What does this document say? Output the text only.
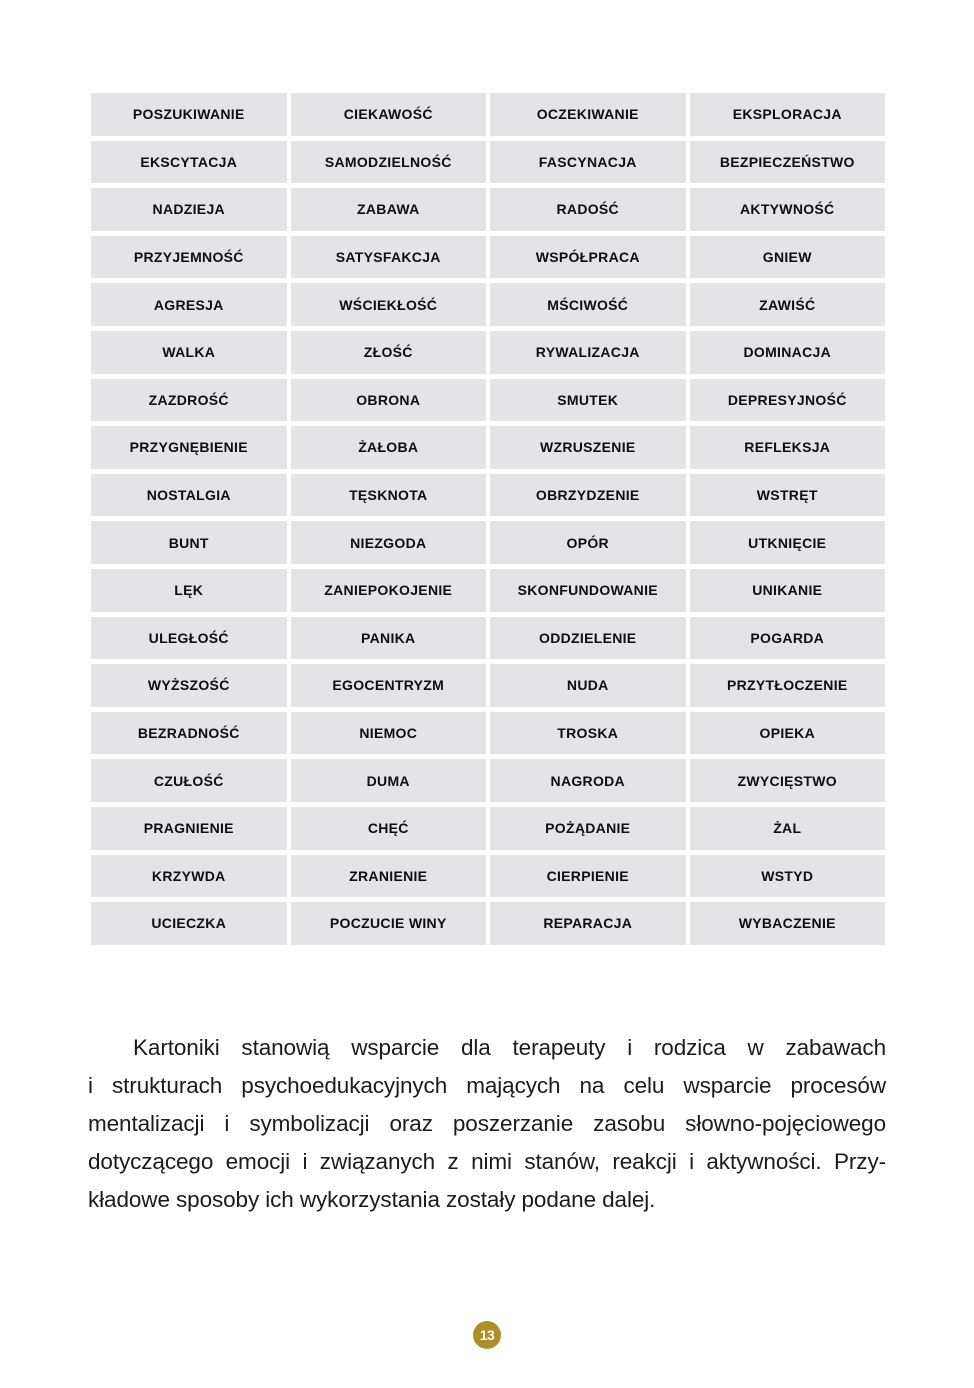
POSZUKIWANIE	CIEKAWOŚĆ	OCZEKIWANIE	EKSPLORACJA
EKSCYTACJA	SAMODZIELNOŚĆ	FASCYNACJA	BEZPIECZEŃSTWO
NADZIEJA	ZABAWA	RADOŚĆ	AKTYWNOŚĆ
PRZYJEMNOŚĆ	SATYSFAKCJA	WSPÓŁPRACA	GNIEW
AGRESJA	WŚCIEKŁOŚĆ	MŚCIWOŚĆ	ZAWIŚĆ
WALKA	ZŁOŚĆ	RYWALIZACJA	DOMINACJA
ZAZDROŚĆ	OBRONA	SMUTEK	DEPRESYJNOŚĆ
PRZYGNĘBIENIE	ŻAŁOBA	WZRUSZENIE	REFLEKSJA
NOSTALGIA	TĘSKNOTA	OBRZYDZENIE	WSTRĘT
BUNT	NIEZGODA	OPÓR	UTKNIĘCIE
LĘK	ZANIEPOKOJENIE	SKONFUNDOWANIE	UNIKANIE
ULEGŁOŚĆ	PANIKA	ODDZIELENIE	POGARDA
WYŻSZOŚĆ	EGOCENTRYZM	NUDA	PRZYTŁOCZENIE
BEZRADNOŚĆ	NIEMOC	TROSKA	OPIEKA
CZUŁOŚĆ	DUMA	NAGRODA	ZWYCIĘSTWO
PRAGNIENIE	CHĘĆ	POŻĄDANIE	ŻAL
KRZYWDA	ZRANIENIE	CIERPIENIE	WSTYD
UCIECZKA	POCZUCIE WINY	REPARACJA	WYBACZENIE
Kartoniki stanowią wsparcie dla terapeuty i rodzica w zabawach
i strukturach psychoedukacyjnych mających na celu wsparcie procesów
mentalizacji i symbolizacji oraz poszerzanie zasobu słowno-pojęciowego
dotyczącego emocji i związanych z nimi stanów, reakcji i aktywności. Przy-
kładowe sposoby ich wykorzystania zostały podane dalej.
13
